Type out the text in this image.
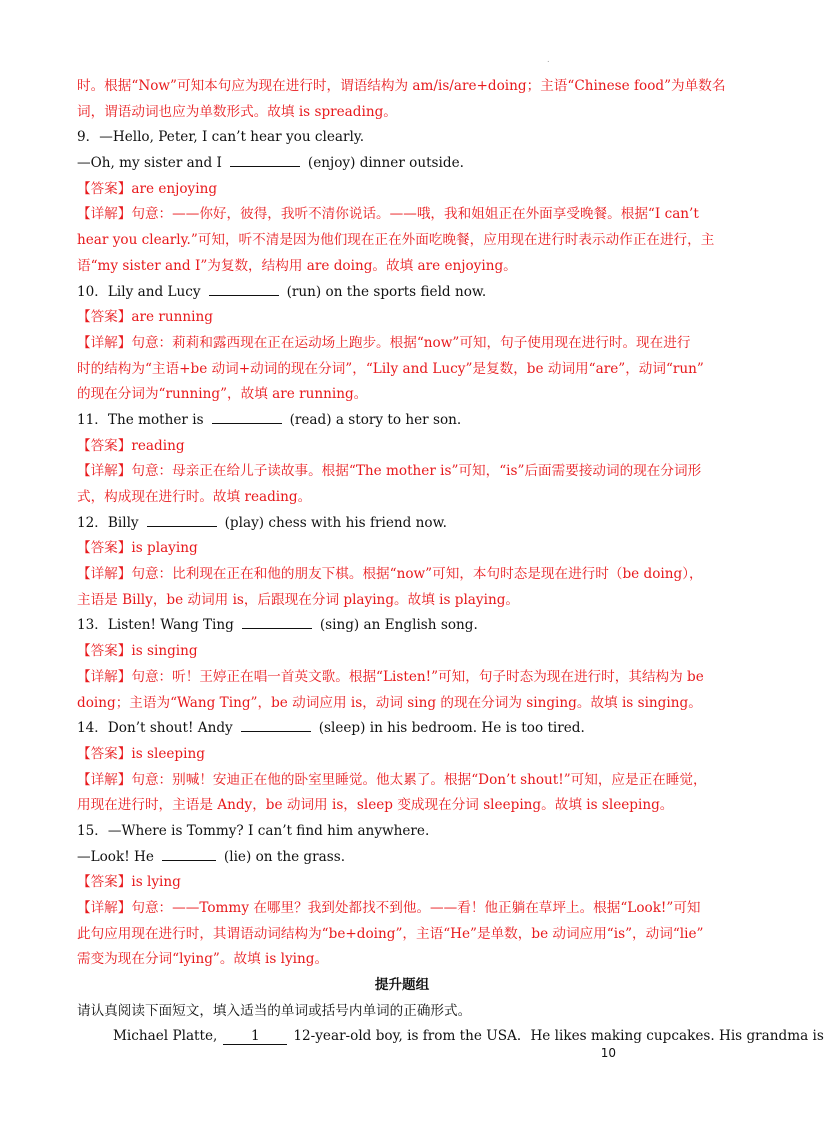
.
时。根据“Now”可知本句应为现在进行时，谓语结构为 am/is/are+doing；主语“Chinese food”为单数名
词，谓语动词也应为单数形式。故填 is spreading。
9．—Hello, Peter, I can’t hear you clearly.
—Oh, my sister and I	(enjoy) dinner outside.
【答案】are enjoying
【详解】句意：——你好，彼得，我听不清你说话。——哦，我和姐姐正在外面享受晚餐。根据“I can’t
hear you clearly.”可知，听不清是因为他们现在正在外面吃晚餐，应用现在进行时表示动作正在进行，主
语“my sister and I”为复数，结构用 are doing。故填 are enjoying。
10．Lily and Lucy	(run) on the sports field now.
【答案】are running
【详解】句意：莉莉和露西现在正在运动场上跑步。根据“now”可知，句子使用现在进行时。现在进行
时的结构为“主语+be 动词+动词的现在分词”，“Lily and Lucy”是复数，be 动词用“are”，动词“run”
的现在分词为“running”，故填 are running。
11．The mother is	(read) a story to her son.
【答案】reading
【详解】句意：母亲正在给儿子读故事。根据“The mother is”可知，“is”后面需要接动词的现在分词形
式，构成现在进行时。故填 reading。
12．Billy	(play) chess with his friend now.
【答案】is playing
【详解】句意：比利现在正在和他的朋友下棋。根据“now”可知，本句时态是现在进行时（be doing），
主语是 Billy，be 动词用 is，后跟现在分词 playing。故填 is playing。
13．Listen! Wang Ting	(sing) an English song.
【答案】is singing
【详解】句意：听！王婷正在唱一首英文歌。根据“Listen!”可知，句子时态为现在进行时，其结构为 be
doing；主语为“Wang Ting”，be 动词应用 is，动词 sing 的现在分词为 singing。故填 is singing。
14．Don’t shout! Andy	(sleep) in his bedroom. He is too tired.
【答案】is sleeping
【详解】句意：别喊！安迪正在他的卧室里睡觉。他太累了。根据“Don’t shout!”可知，应是正在睡觉，
用现在进行时，主语是 Andy，be 动词用 is，sleep 变成现在分词 sleeping。故填 is sleeping。
15．—Where is Tommy? I can’t find him anywhere.
—Look! He	(lie) on the grass.
【答案】is lying
【详解】句意：——Tommy 在哪里？我到处都找不到他。——看！他正躺在草坪上。根据“Look!”可知
此句应用现在进行时，其谓语动词结构为“be+doing”，主语“He”是单数，be 动词应用“is”，动词“lie”
需变为现在分词“lying”。故填 is lying。
提升题组
请认真阅读下面短文，填入适当的单词或括号内单词的正确形式。
Michael Platte, 1 12-year-old boy, is from the USA．He likes making cupcakes. His grandma is
10
